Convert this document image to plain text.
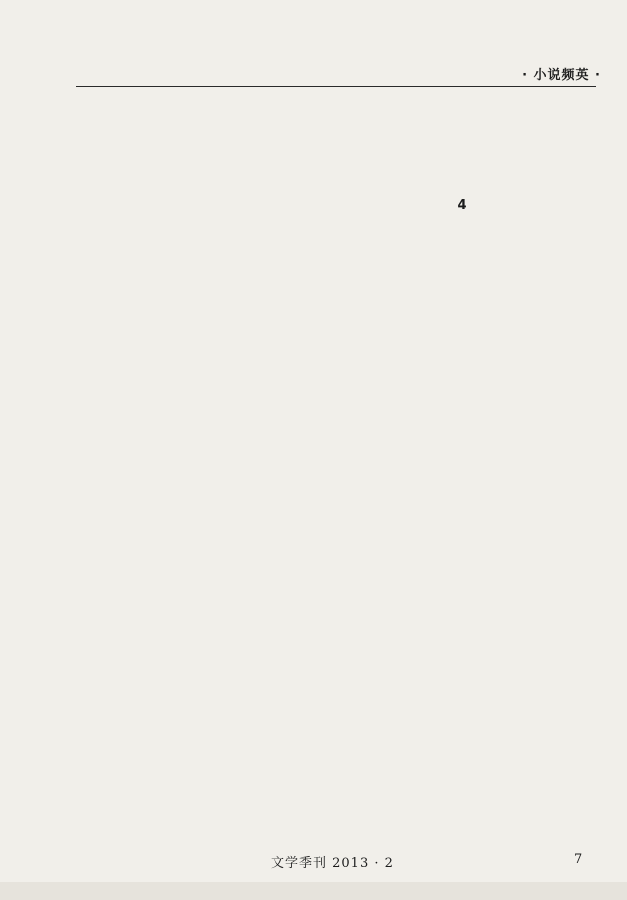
· 小说频英 ·
4
文学季刊 2013 · 2	7
